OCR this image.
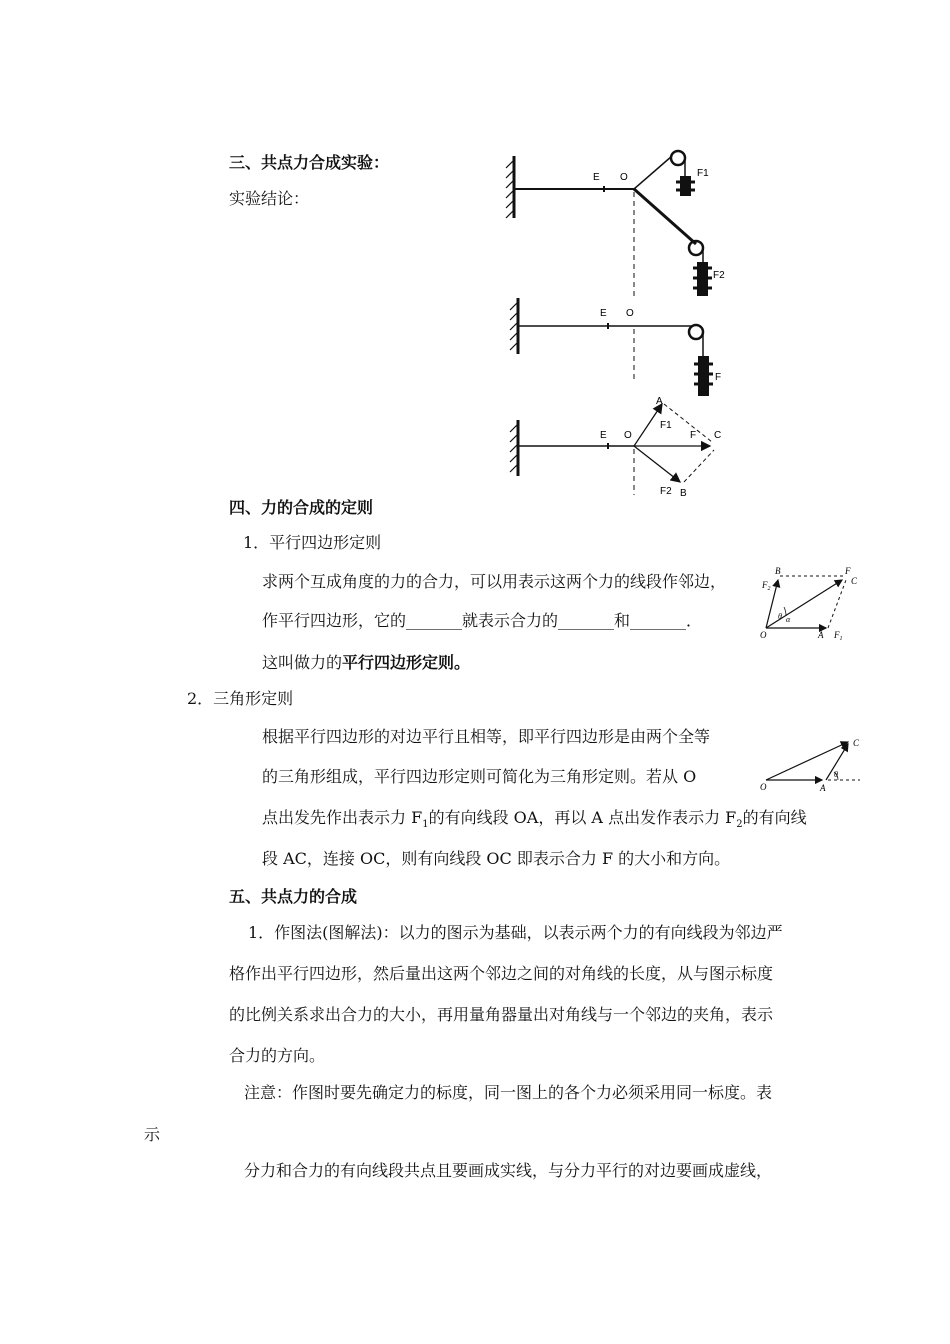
三、共点力合成实验：
实验结论：
E O	F1
F2
E O
F
E O
A
F1
F C
F2 B
四、力的合成的定则
1．平行四边形定则
求两个互成角度的力的合力，可以用表示这两个力的线段作邻边，
作平行四边形，它的_______就表示合力的_______和_______．
这叫做力的平行四边形定则。
B	F
$F_2$
C
θ α
O	A $F_1$
2．三角形定则
根据平行四边形的对边平行且相等，即平行四边形是由两个全等
的三角形组成，平行四边形定则可简化为三角形定则。若从 O
点出发先作出表示力 $F_1$的有向线段 OA，再以 A 点出发作表示力 $F_2$的有向线
段 AC，连接 OC，则有向线段 OC 即表示合力 F 的大小和方向。
C
O	A
θ
五、共点力的合成
1．作图法(图解法)：以力的图示为基础，以表示两个力的有向线段为邻边严
格作出平行四边形，然后量出这两个邻边之间的对角线的长度，从与图示标度
的比例关系求出合力的大小，再用量角器量出对角线与一个邻边的夹角，表示
合力的方向。
注意：作图时要先确定力的标度，同一图上的各个力必须采用同一标度。表
示
分力和合力的有向线段共点且要画成实线，与分力平行的对边要画成虚线，
